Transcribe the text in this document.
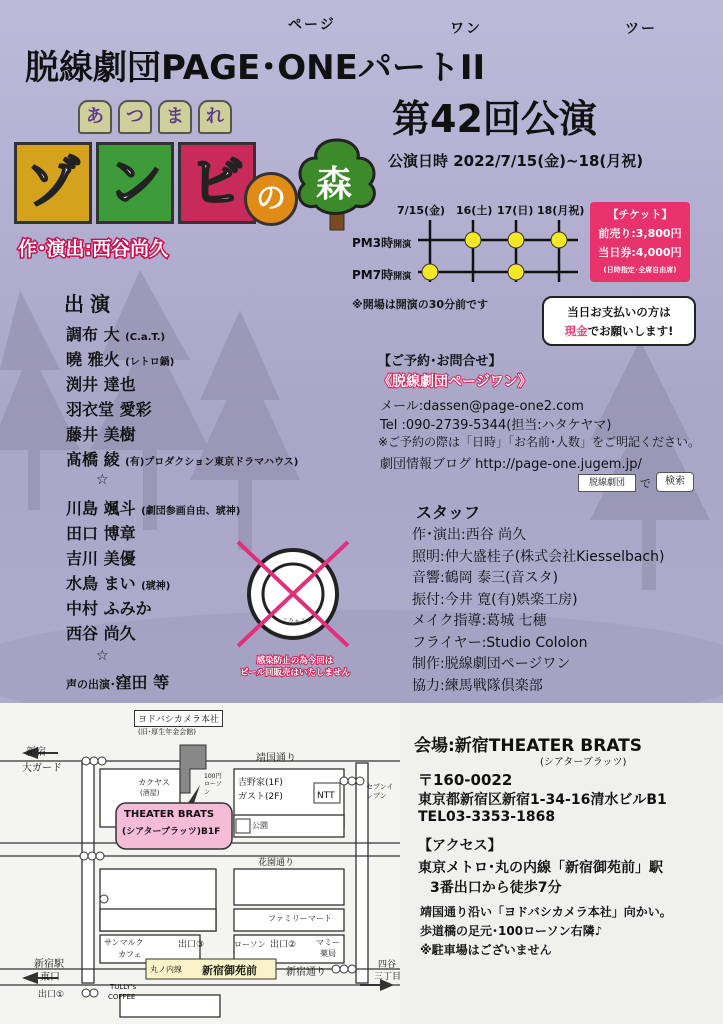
ページ	ワン	ツー
脱線劇団PAGE･ONEパートII
第42回公演
あ つ ま れ
ゾ ン ビ の 森
作･演出:西谷尚久
公演日時 2022/7/15(金)~18(月祝)
7/15(金) 16(土) 17(日) 18(月祝)
PM3時開演
PM7時開演
※開場は開演の30分前です
【チケット】
前売り:3,800円
当日券:4,000円
(日時指定･全席自由席)
当日お支払いの方は
現金でお願いします!
出演
調布 大 (C.a.T.)
曉 雅火 (レトロ鍋)
渕井 達也
羽衣堂 愛彩
藤井 美樹
髙橋 綾 (有)プロダクション東京ドラマハウス)
☆
川島 颯斗 (劇団参画自由、琥神)
田口 博章
吉川 美優
水鳥 まい (琥神)
中村 ふみか
西谷 尚久
☆
声の出演･窪田 等
【ご予約･お問合せ】
《脱線劇団ページワン》
メール:dassen@page-one2.com
Tel :090-2739-5344(担当:ハタケヤマ)
※ご予約の際は「日時」「お名前･人数」をご明記ください。
劇団情報ブログ http://page-one.jugem.jp/
脱線劇団	で	検索
こりゃこり
感染防止の為今回は
ビール回販売はいたしません
スタッフ
作･演出:西谷 尚久
照明:仲大盛桂子(株式会社Kiesselbach)
音響:鶴岡 泰三(音スタ)
振付:今井 寛(有)娯楽工房)
メイク指導:葛城 七穂
フライヤー:Studio Cololon
制作:脱線劇団ページワン
協力:練馬戦隊倶楽部
ヨドバシカメラ本社
(旧･厚生年金会館)
新宿
大ガード
靖国通り
カクヤス
(酒屋)
100円ローソン
吉野家(1F)
ガスト(2F)	NTT
セブンイレブン
THEATER BRATS
(シアターブラッツ)B1F
公園
花園通り
ファミリーマート
サンマルク
カフェ
出口③	ローソン 出口② マミー
薬局
丸ノ内線 新宿御苑前	新宿通り
新宿駅
東口
出口①
TULLY's
COFFEE
四谷
三丁目
会場:新宿THEATER BRATS
(シアターブラッツ)
〒160-0022
東京都新宿区新宿1-34-16清水ビルB1
TEL03-3353-1868
【アクセス】
東京メトロ･丸の内線「新宿御苑前」駅
3番出口から徒歩7分
靖国通り沿い「ヨドバシカメラ本社」向かい。
歩道橋の足元･100ローソン右隣♪
※駐車場はございません
